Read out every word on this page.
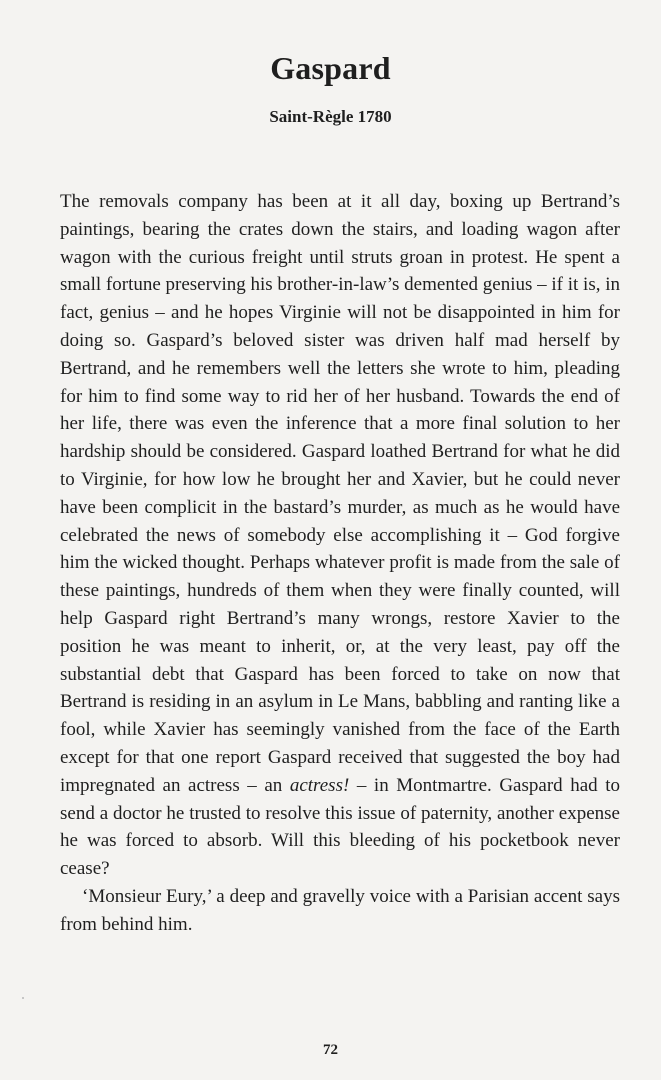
Gaspard
Saint-Règle 1780

The removals company has been at it all day, boxing up Bertrand’s paintings, bearing the crates down the stairs, and loading wagon after wagon with the curious freight until struts groan in protest. He spent a small fortune preserving his brother-in-law’s demented genius – if it is, in fact, genius – and he hopes Virginie will not be disappointed in him for doing so. Gaspard’s beloved sister was driven half mad herself by Bertrand, and he remembers well the letters she wrote to him, pleading for him to find some way to rid her of her husband. Towards the end of her life, there was even the inference that a more final solution to her hardship should be considered. Gaspard loathed Bertrand for what he did to Virginie, for how low he brought her and Xavier, but he could never have been complicit in the bastard’s murder, as much as he would have celebrated the news of somebody else accomplishing it – God forgive him the wicked thought. Perhaps whatever profit is made from the sale of these paintings, hundreds of them when they were finally counted, will help Gaspard right Bertrand’s many wrongs, restore Xavier to the position he was meant to inherit, or, at the very least, pay off the substantial debt that Gaspard has been forced to take on now that Bertrand is residing in an asylum in Le Mans, babbling and ranting like a fool, while Xavier has seemingly vanished from the face of the Earth except for that one report Gaspard received that suggested the boy had impregnated an actress – an actress! – in Montmartre. Gaspard had to send a doctor he trusted to resolve this issue of paternity, another expense he was forced to absorb. Will this bleeding of his pocketbook never cease?

‘Monsieur Eury,’ a deep and gravelly voice with a Parisian accent says from behind him.

72
